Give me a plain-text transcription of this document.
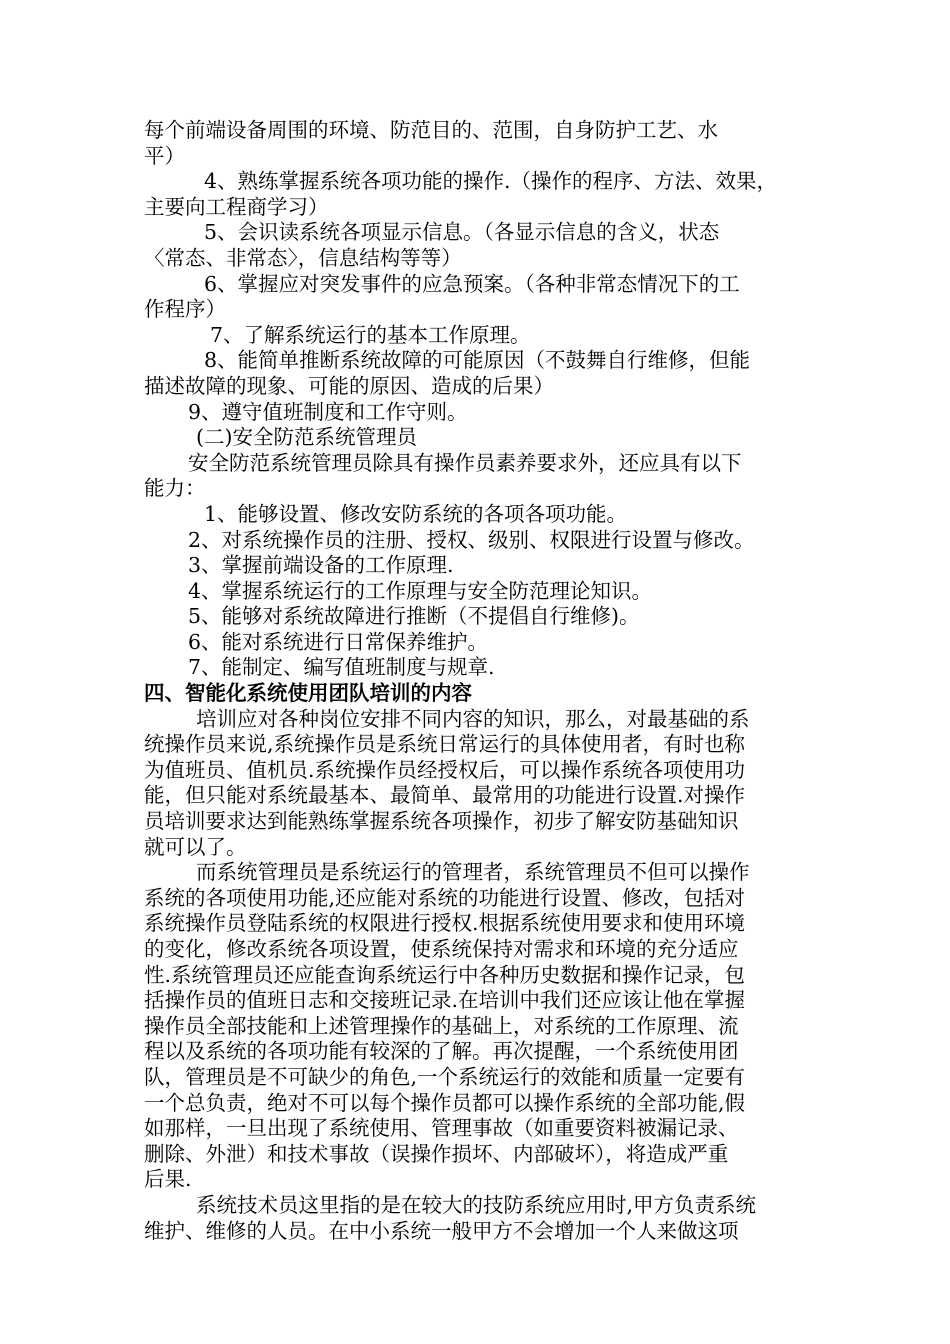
每个前端设备周围的环境、防范目的、范围，自身防护工艺、水
平）
4、熟练掌握系统各项功能的操作.（操作的程序、方法、效果，
主要向工程商学习）
5、会识读系统各项显示信息。（各显示信息的含义，状态
〈常态、非常态〉，信息结构等等）
6、掌握应对突发事件的应急预案。（各种非常态情况下的工
作程序）
7、了解系统运行的基本工作原理。
8、能简单推断系统故障的可能原因（不鼓舞自行维修，但能
描述故障的现象、可能的原因、造成的后果）
9、遵守值班制度和工作守则。
(二)安全防范系统管理员
安全防范系统管理员除具有操作员素养要求外，还应具有以下
能力：
1、能够设置、修改安防系统的各项各项功能。
2、对系统操作员的注册、授权、级别、权限进行设置与修改。
3、掌握前端设备的工作原理.
4、掌握系统运行的工作原理与安全防范理论知识。
5、能够对系统故障进行推断（不提倡自行维修)。
6、能对系统进行日常保养维护。
7、能制定、编写值班制度与规章.
四、智能化系统使用团队培训的内容
培训应对各种岗位安排不同内容的知识，那么，对最基础的系
统操作员来说,系统操作员是系统日常运行的具体使用者，有时也称
为值班员、值机员.系统操作员经授权后，可以操作系统各项使用功
能，但只能对系统最基本、最简单、最常用的功能进行设置.对操作
员培训要求达到能熟练掌握系统各项操作，初步了解安防基础知识
就可以了。
而系统管理员是系统运行的管理者，系统管理员不但可以操作
系统的各项使用功能,还应能对系统的功能进行设置、修改，包括对
系统操作员登陆系统的权限进行授权.根据系统使用要求和使用环境
的变化，修改系统各项设置，使系统保持对需求和环境的充分适应
性.系统管理员还应能查询系统运行中各种历史数据和操作记录，包
括操作员的值班日志和交接班记录.在培训中我们还应该让他在掌握
操作员全部技能和上述管理操作的基础上，对系统的工作原理、流
程以及系统的各项功能有较深的了解。再次提醒，一个系统使用团
队，管理员是不可缺少的角色,一个系统运行的效能和质量一定要有
一个总负责，绝对不可以每个操作员都可以操作系统的全部功能,假
如那样，一旦出现了系统使用、管理事故（如重要资料被漏记录、
删除、外泄）和技术事故（误操作损坏、内部破坏），将造成严重
后果.
系统技术员这里指的是在较大的技防系统应用时,甲方负责系统
维护、维修的人员。在中小系统一般甲方不会增加一个人来做这项
